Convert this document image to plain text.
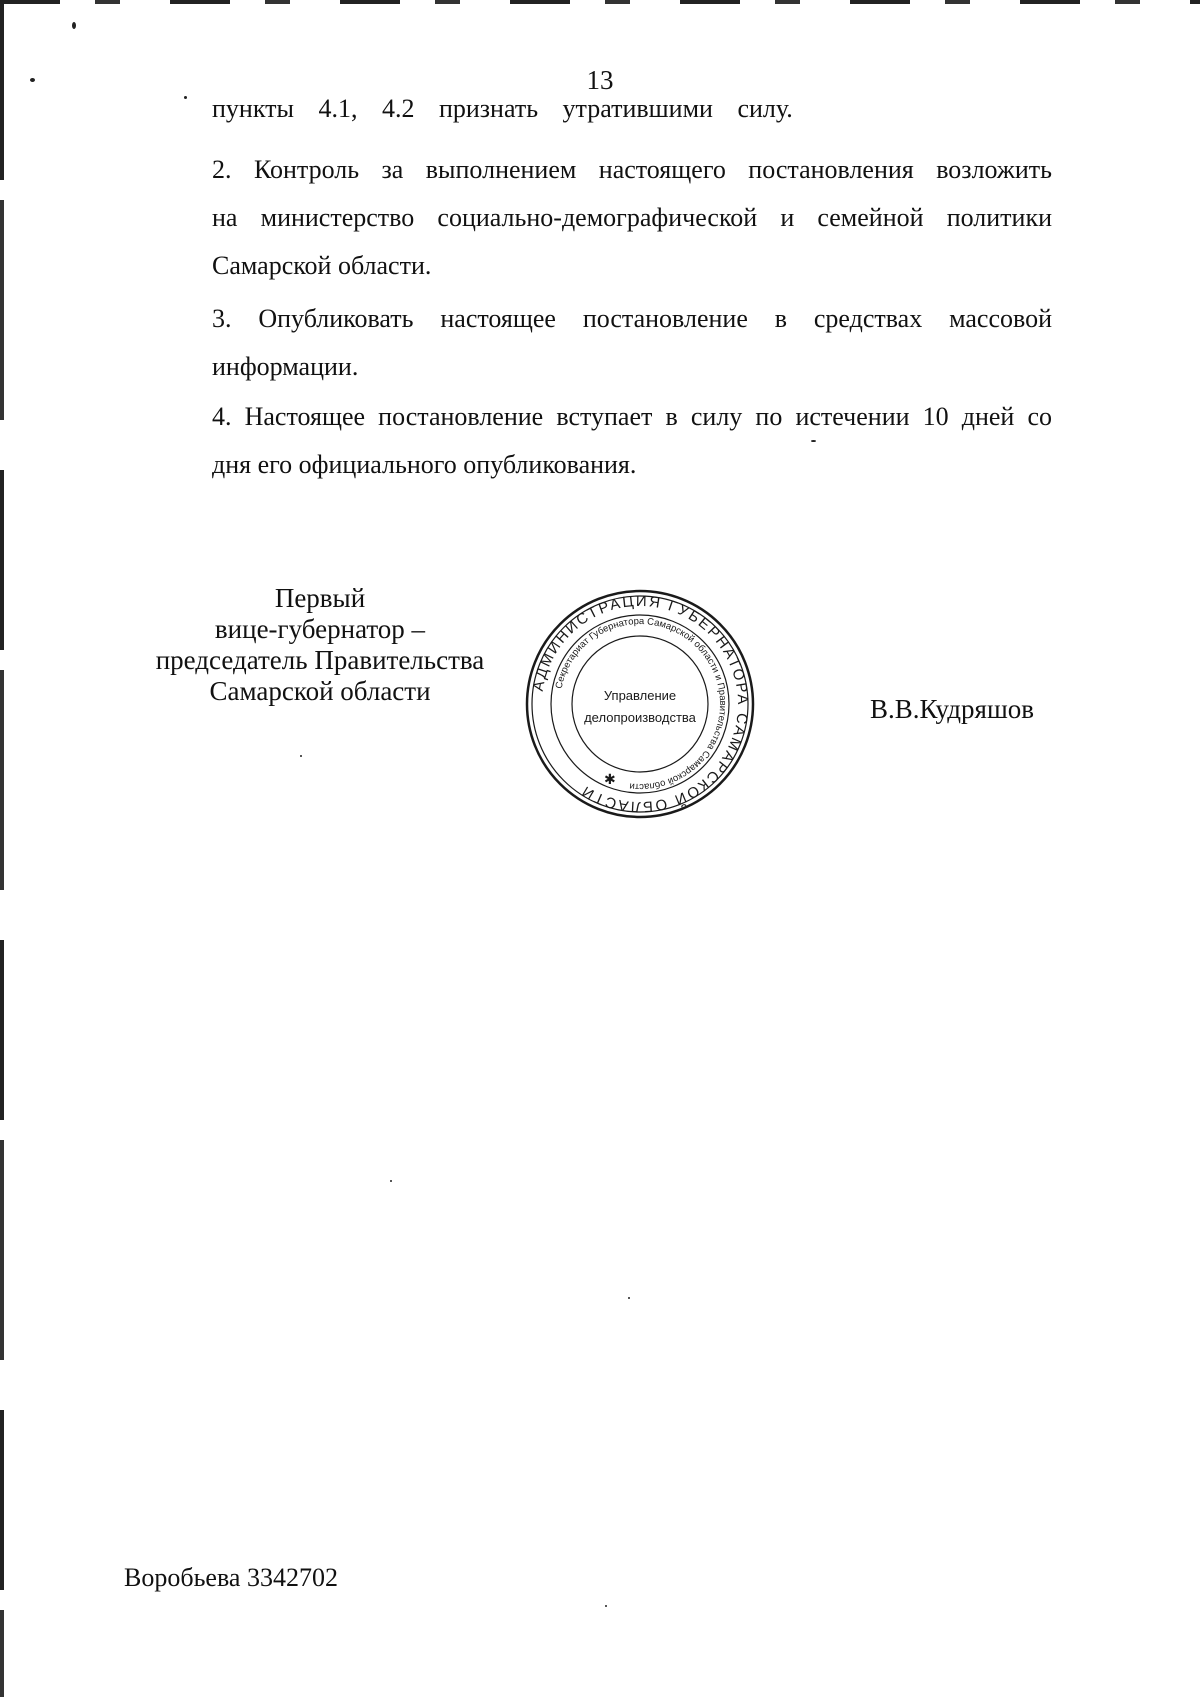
13
пункты 4.1, 4.2 признать утратившими силу.
2. Контроль за выполнением настоящего постановления возложить
на министерство социально-демографической и семейной политики
Самарской области.
3. Опубликовать настоящее постановление в средствах массовой
информации.
4. Настоящее постановление вступает в силу по истечении 10 дней со
дня его официального опубликования.
Первый
вице-губернатор –
председатель Правительства
Самарской области	АДМИНИСТРАЦИЯ ГУБЕРНАТОРА САМАРСКОЙ ОБЛАСТИ
Секретариат Губернатора Самарской области и Правительства Самарской области
Управление
делопроизводства
✱
В.В.Кудряшов
Воробьева 3342702
